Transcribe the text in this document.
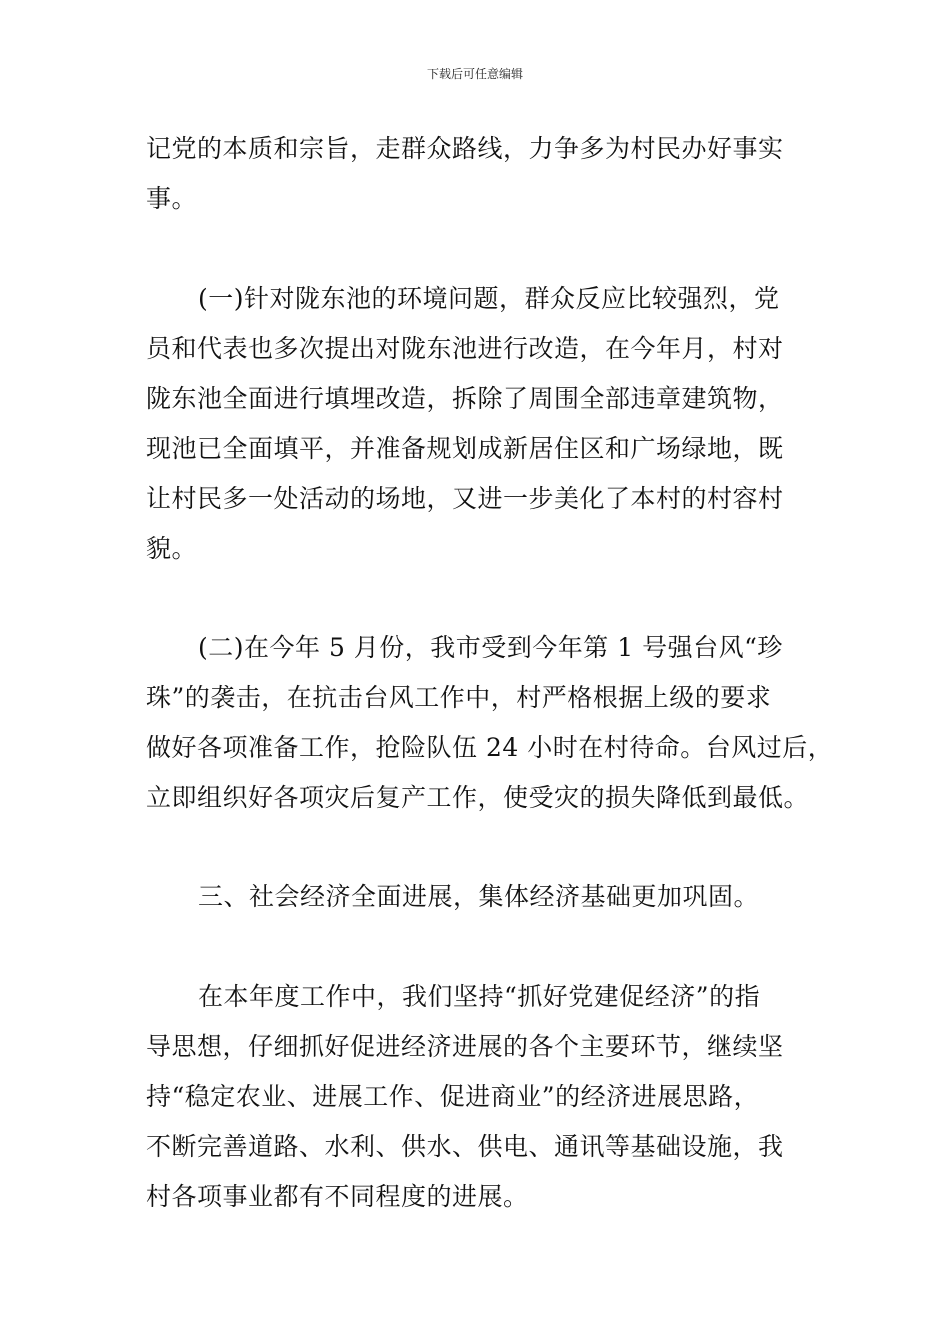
下载后可任意编辑
记党的本质和宗旨，走群众路线，力争多为村民办好事实
事。
(一)针对陇东池的环境问题，群众反应比较强烈，党
员和代表也多次提出对陇东池进行改造，在今年月，村对
陇东池全面进行填埋改造，拆除了周围全部违章建筑物，
现池已全面填平，并准备规划成新居住区和广场绿地，既
让村民多一处活动的场地，又进一步美化了本村的村容村
貌。
(二)在今年 5 月份，我市受到今年第 1 号强台风“珍
珠”的袭击，在抗击台风工作中，村严格根据上级的要求
做好各项准备工作，抢险队伍 24 小时在村待命。台风过后，
立即组织好各项灾后复产工作，使受灾的损失降低到最低。
三、社会经济全面进展，集体经济基础更加巩固。
在本年度工作中，我们坚持“抓好党建促经济”的指
导思想，仔细抓好促进经济进展的各个主要环节，继续坚
持“稳定农业、进展工作、促进商业”的经济进展思路，
不断完善道路、水利、供水、供电、通讯等基础设施，我
村各项事业都有不同程度的进展。
